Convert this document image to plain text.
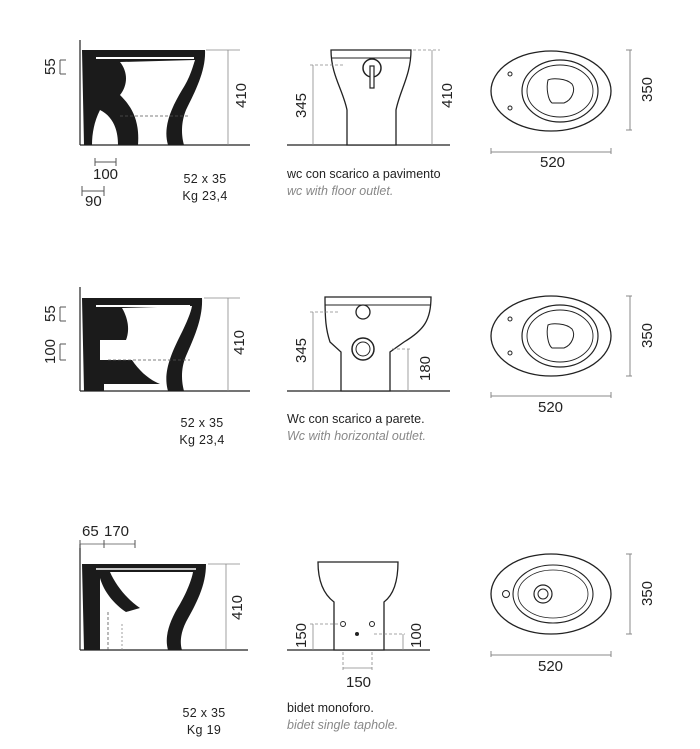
55
410
100
90
345	410
520
350
55
100	410	345
180
520
350
65 170
410
150	100
150
520
350
52 x 35
Kg 23,4
wc con scarico a pavimento
wc with floor outlet.
52 x 35
Kg 23,4
Wc con scarico a parete.
Wc with horizontal outlet.
52 x 35
Kg 19
bidet monoforo.
bidet single taphole.
